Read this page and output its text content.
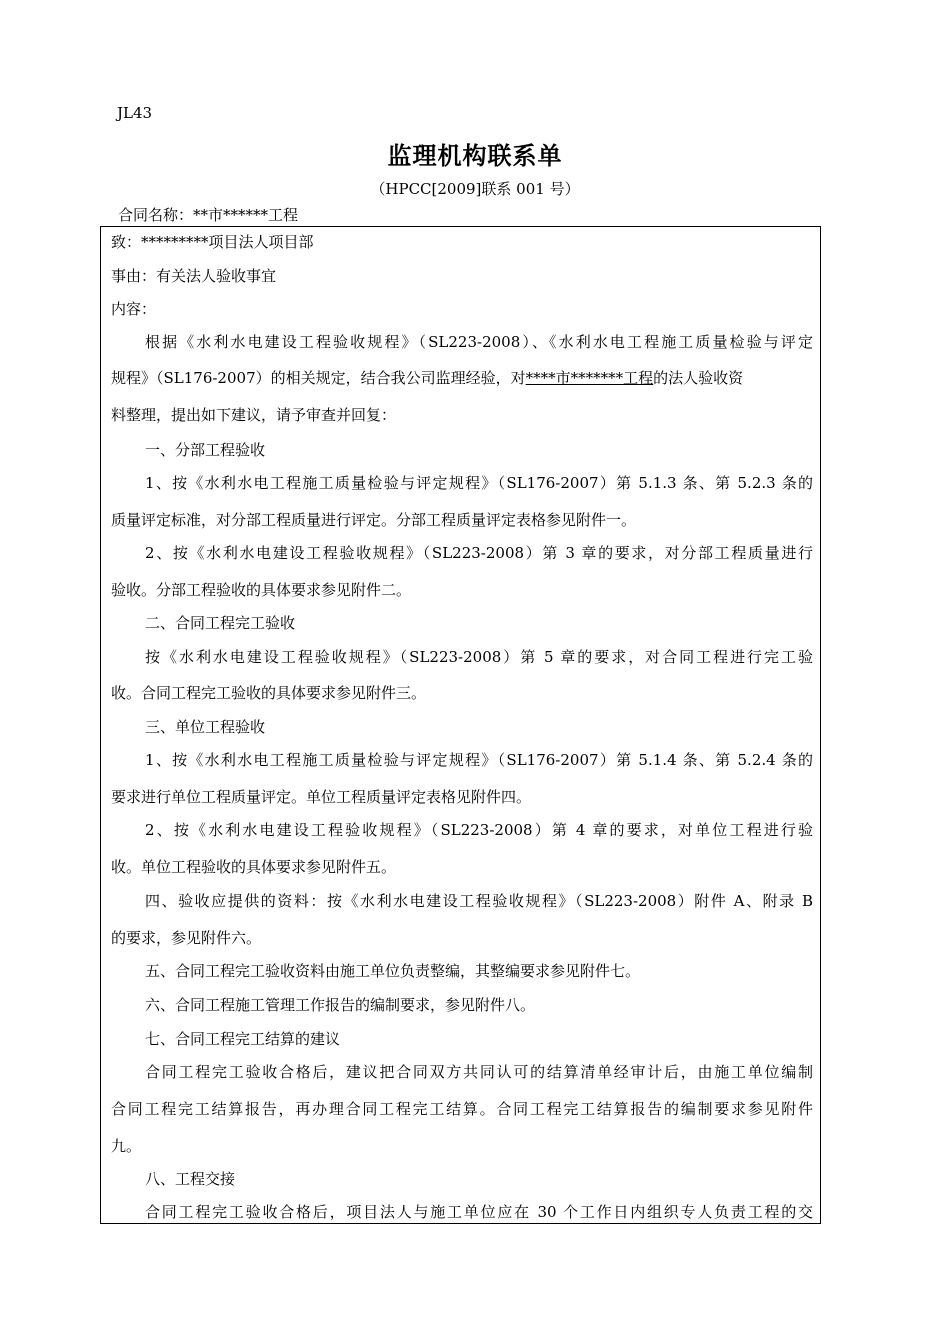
JL43
监理机构联系单
（HPCC[2009]联系 001 号）
合同名称：**市******工程
致：*********项目法人项目部
事由：有关法人验收事宜
内容：
根据《水利水电建设工程验收规程》（SL223-2008）、《水利水电工程施工质量检验与评定
规程》（SL176-2007）的相关规定，结合我公司监理经验，对****市*******工程的法人验收资
料整理，提出如下建议，请予审查并回复：
一、分部工程验收
1、按《水利水电工程施工质量检验与评定规程》（SL176-2007）第 5.1.3 条、第 5.2.3 条的
质量评定标准，对分部工程质量进行评定。分部工程质量评定表格参见附件一。
2、按《水利水电建设工程验收规程》（SL223-2008）第 3 章的要求，对分部工程质量进行
验收。分部工程验收的具体要求参见附件二。
二、合同工程完工验收
按《水利水电建设工程验收规程》（SL223-2008）第 5 章的要求，对合同工程进行完工验
收。合同工程完工验收的具体要求参见附件三。
三、单位工程验收
1、按《水利水电工程施工质量检验与评定规程》（SL176-2007）第 5.1.4 条、第 5.2.4 条的
要求进行单位工程质量评定。单位工程质量评定表格见附件四。
2、按《水利水电建设工程验收规程》（SL223-2008）第 4 章的要求，对单位工程进行验
收。单位工程验收的具体要求参见附件五。
四、验收应提供的资料：按《水利水电建设工程验收规程》（SL223-2008）附件 A、附录 B
的要求，参见附件六。
五、合同工程完工验收资料由施工单位负责整编，其整编要求参见附件七。
六、合同工程施工管理工作报告的编制要求，参见附件八。
七、合同工程完工结算的建议
合同工程完工验收合格后，建议把合同双方共同认可的结算清单经审计后，由施工单位编制
合同工程完工结算报告，再办理合同工程完工结算。合同工程完工结算报告的编制要求参见附件
九。
八、工程交接
合同工程完工验收合格后，项目法人与施工单位应在 30 个工作日内组织专人负责工程的交
